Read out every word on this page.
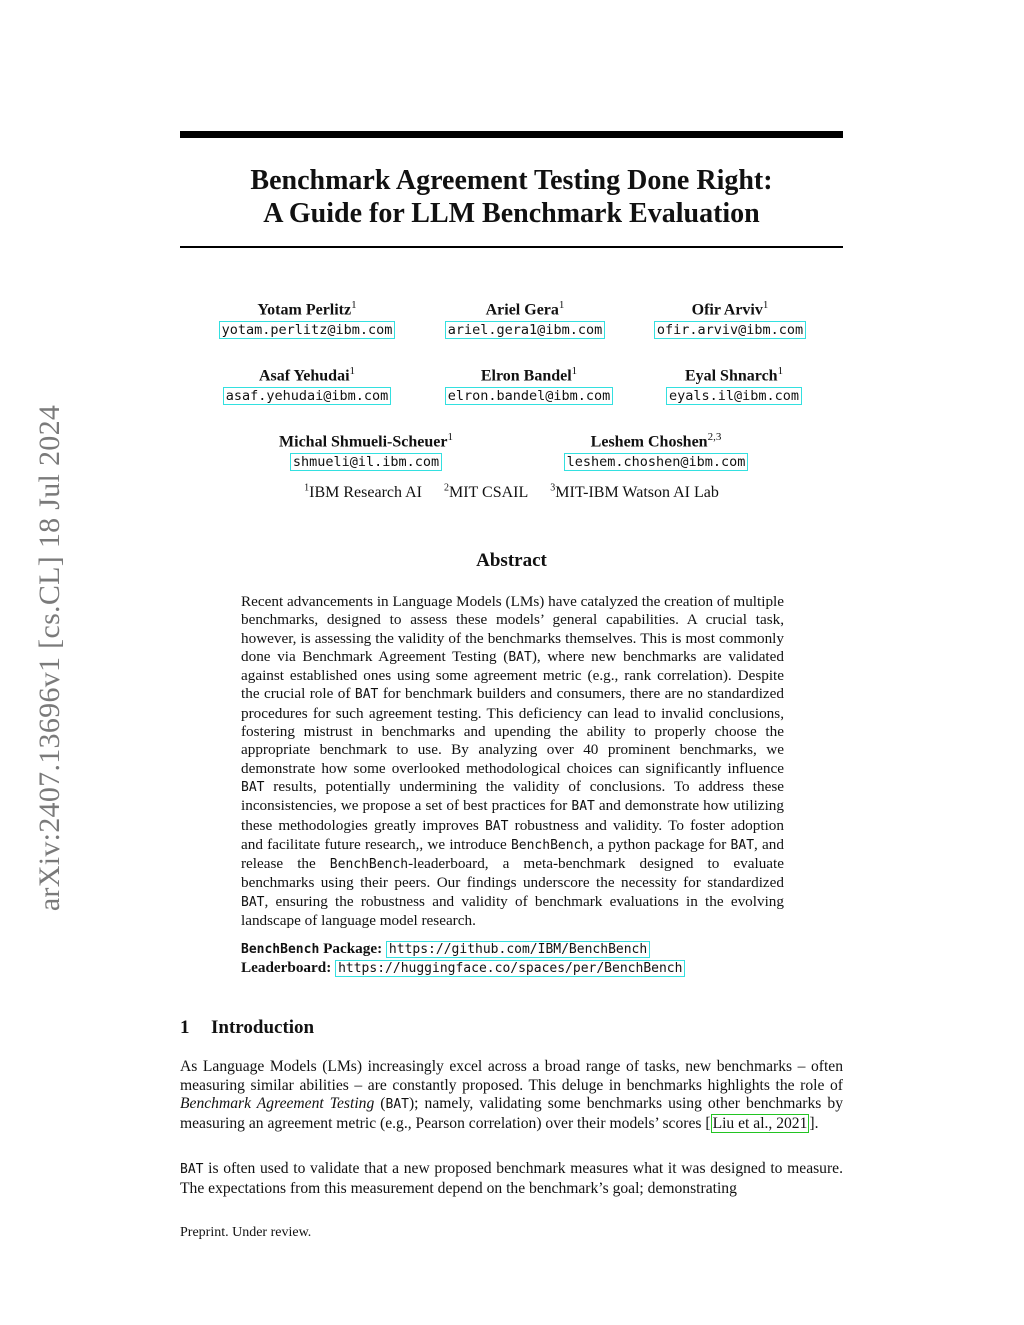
arXiv:2407.13696v1 [cs.CL] 18 Jul 2024
Benchmark Agreement Testing Done Right:
A Guide for LLM Benchmark Evaluation
Yotam Perlitz$^1$
yotam.perlitz@ibm.com
Ariel Gera$^1$
ariel.gera1@ibm.com
Ofir Arviv$^1$
ofir.arviv@ibm.com
Asaf Yehudai$^1$
asaf.yehudai@ibm.com
Elron Bandel$^1$
elron.bandel@ibm.com
Eyal Shnarch$^1$
eyals.il@ibm.com
Michal Shmueli-Scheuer$^1$
shmueli@il.ibm.com
Leshem Choshen$^{2,3}$
leshem.choshen@ibm.com
$^1$IBM Research AI $^2$MIT CSAIL $^3$MIT-IBM Watson AI Lab
Abstract
Recent advancements in Language Models (LMs) have catalyzed the creation of multiple benchmarks, designed to assess these models’ general capabilities. A crucial task, however, is assessing the validity of the benchmarks themselves. This is most commonly done via Benchmark Agreement Testing (BAT), where new benchmarks are validated against established ones using some agreement metric (e.g., rank correlation). Despite the crucial role of BAT for benchmark builders and consumers, there are no standardized procedures for such agreement testing. This deficiency can lead to invalid conclusions, fostering mistrust in benchmarks and upending the ability to properly choose the appropriate benchmark to use. By analyzing over 40 prominent benchmarks, we demonstrate how some overlooked methodological choices can significantly influence BAT results, potentially undermining the validity of conclusions. To address these inconsistencies, we propose a set of best practices for BAT and demonstrate how utilizing these methodologies greatly improves BAT robustness and validity. To foster adoption and facilitate future research,, we introduce BenchBench, a python package for BAT, and release the BenchBench-leaderboard, a meta-benchmark designed to evaluate benchmarks using their peers. Our findings underscore the necessity for standardized BAT, ensuring the robustness and validity of benchmark evaluations in the evolving landscape of language model research.
BenchBench Package: https://github.com/IBM/BenchBench
Leaderboard: https://huggingface.co/spaces/per/BenchBench
1 Introduction
As Language Models (LMs) increasingly excel across a broad range of tasks, new benchmarks – often measuring similar abilities – are constantly proposed. This deluge in benchmarks highlights the role of Benchmark Agreement Testing (BAT); namely, validating some benchmarks using other benchmarks by measuring an agreement metric (e.g., Pearson correlation) over their models’ scores [ Liu et al., 2021 ].
BAT is often used to validate that a new proposed benchmark measures what it was designed to measure. The expectations from this measurement depend on the benchmark’s goal; demonstrating
Preprint. Under review.
